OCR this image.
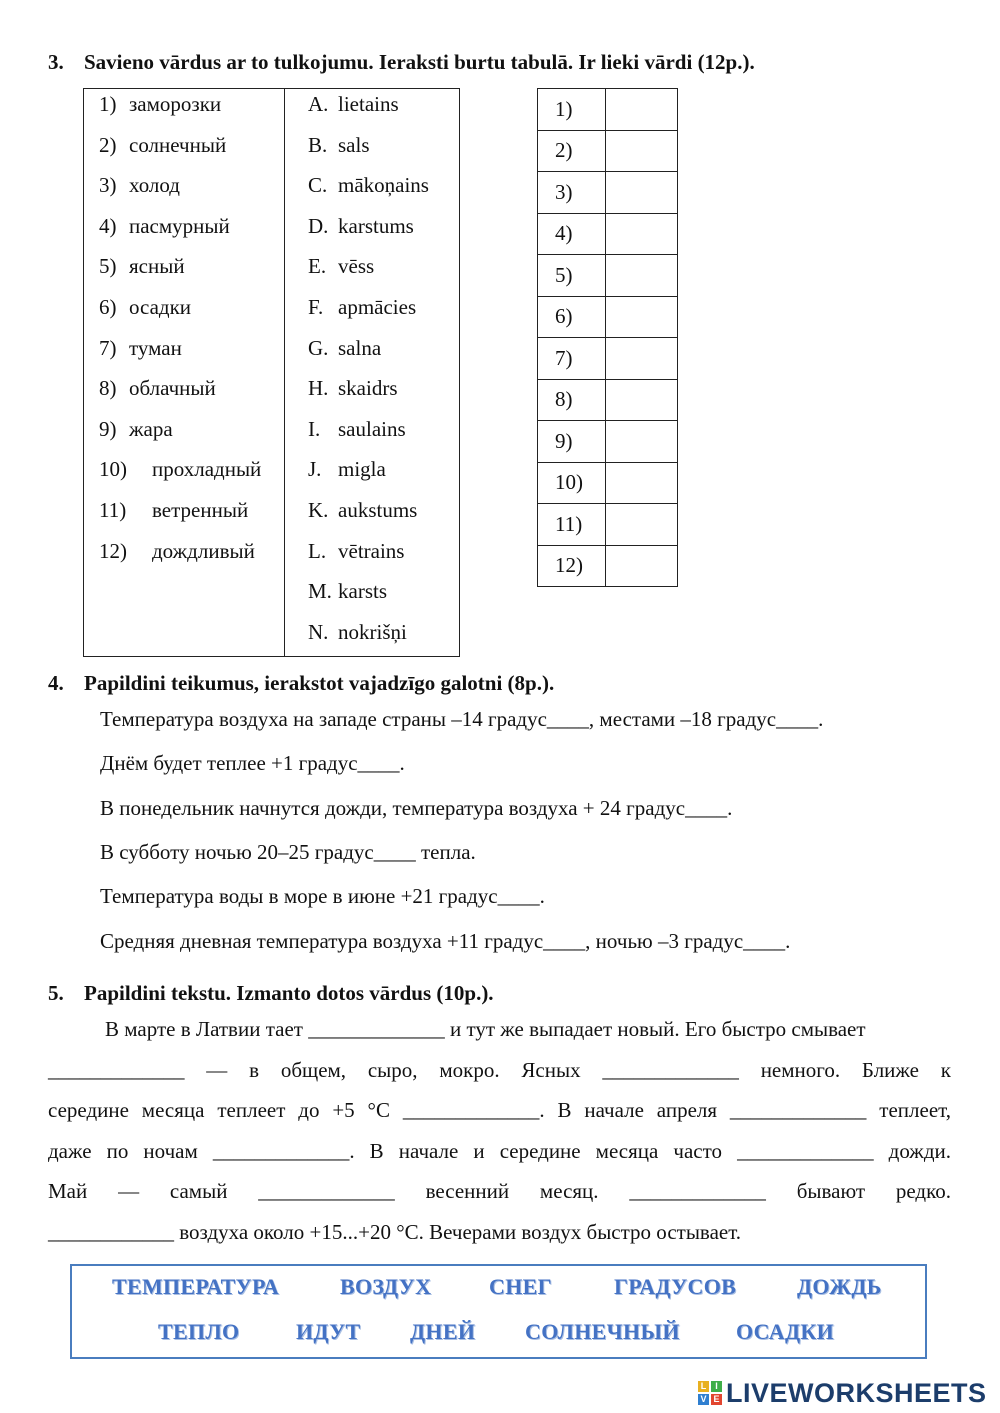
3. Savieno vārdus ar to tulkojumu. Ieraksti burtu tabulā. Ir lieki vārdi (12p.).
1) заморозки
2) солнечный
3) холод
4) пасмурный
5) ясный
6) осадки
7) туман
8) облачный
9) жара
10) прохладный
11) ветренный
12) дождливый
A. lietains
B. sals
C. mākoņains
D. karstums
E. vēss
F. apmācies
G. salna
H. skaidrs
I. saulains
J. migla
K. aukstums
L. vētrains
M. karsts
N. nokrišņi
1)	
2)	
3)	
4)	
5)	
6)	
7)	
8)	
9)	
10)	
11)	
12)	
4. Papildini teikumus, ierakstot vajadzīgo galotni (8p.).
Температура воздуха на западе страны –14 градус____, местами –18 градус____.
Днём будет теплее +1 градус____.
В понедельник начнутся дожди, температура воздуха + 24 градус____.
В субботу ночью 20–25 градус____ тепла.
Температура воды в море в июне +21 градус____.
Средняя дневная температура воздуха +11 градус____, ночью –3 градус____.
5. Papildini tekstu. Izmanto dotos vārdus (10p.).
В марте в Латвии тает _____________ и тут же выпадает новый. Его быстро смывает
_____________ — в общем, сыро, мокро. Ясных _____________ немного. Ближе к
середине месяца теплеет до +5 °C _____________. В начале апреля _____________ теплеет,
даже по ночам _____________. В начале и середине месяца часто _____________ дожди.
Май — самый _____________ весенний месяц. _____________ бывают редко.
____________ воздуха около +15...+20 °C. Вечерами воздух быстро остывает.
ТЕМПЕРАТУРА	ВОЗДУХ	СНЕГ	ГРАДУСОВ	ДОЖДЬ
ТЕПЛО	ИДУТ ДНЕЙ СОЛНЕЧНЫЙ	ОСАДКИ
L I
V E LIVEWORKSHEETS
